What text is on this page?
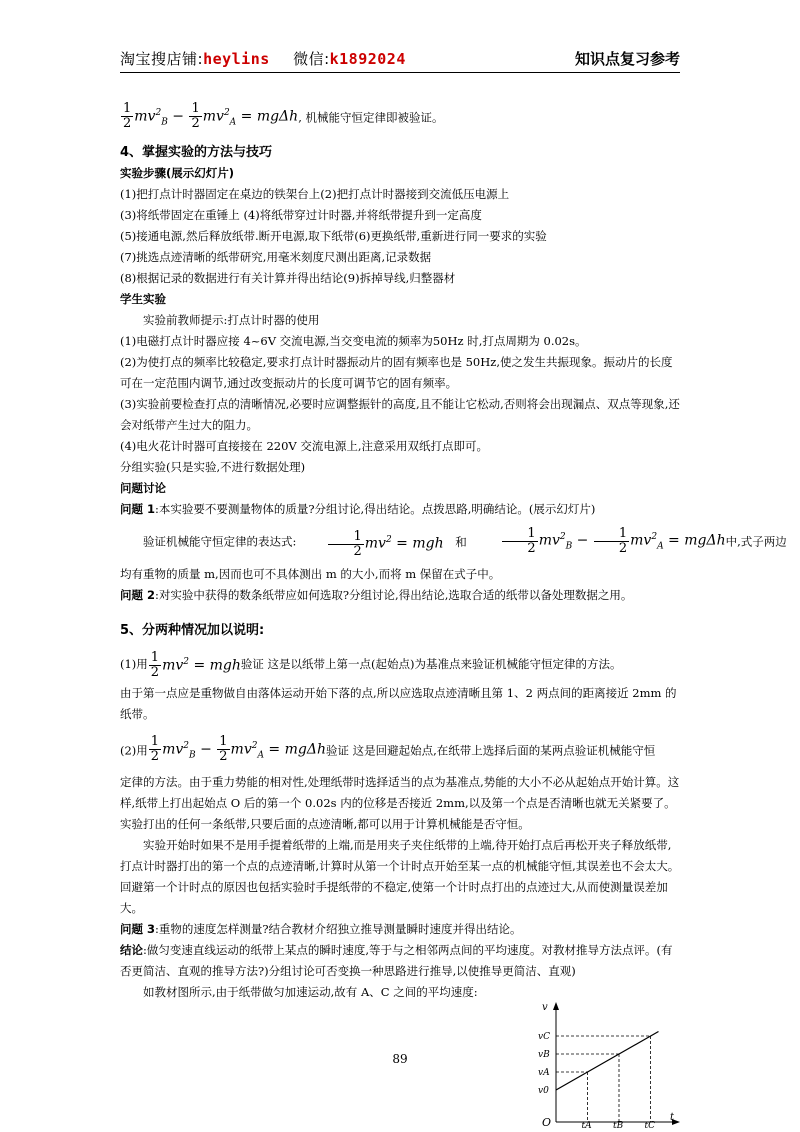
淘宝搜店铺:heylins 微信:k1892024	知识点复习参考
$\frac{1}{2} mv^2_B - \frac{1}{2} mv^2_A = mg\Delta h$, 机械能守恒定律即被验证。
4、掌握实验的方法与技巧
实验步骤(展示幻灯片)
(1)把打点计时器固定在桌边的铁架台上(2)把打点计时器接到交流低压电源上
(3)将纸带固定在重锤上 (4)将纸带穿过计时器,并将纸带提升到一定高度
(5)接通电源,然后释放纸带.断开电源,取下纸带(6)更换纸带,重新进行同一要求的实验
(7)挑选点迹清晰的纸带研究,用毫米刻度尺测出距离,记录数据
(8)根据记录的数据进行有关计算并得出结论(9)拆掉导线,归整器材
学生实验
实验前教师提示:打点计时器的使用
(1)电磁打点计时器应接 4~6V 交流电源,当交变电流的频率为50Hz 时,打点周期为 0.02s。
(2)为使打点的频率比较稳定,要求打点计时器振动片的固有频率也是 50Hz,使之发生共振现象。振动片的长度可在一定范围内调节,通过改变振动片的长度可调节它的固有频率。
(3)实验前要检查打点的清晰情况,必要时应调整振针的高度,且不能让它松动,否则将会出现漏点、双点等现象,还会对纸带产生过大的阻力。
(4)电火花计时器可直接接在 220V 交流电源上,注意采用双纸打点即可。
分组实验(只是实验,不进行数据处理)
问题讨论
问题 1:本实验要不要测量物体的质量?分组讨论,得出结论。点拨思路,明确结论。(展示幻灯片)
验证机械能守恒定律的表达式: $\frac{1}{2} mv^2$ = mgh 和	$\frac{1}{2} mv^2_B - \frac{1}{2} mv^2_A = mg\Delta h$中,式子两边
均有重物的质量 m,因而也可不具体测出 m 的大小,而将 m 保留在式子中。
问题 2:对实验中获得的数条纸带应如何选取?分组讨论,得出结论,选取合适的纸带以备处理数据之用。
5、分两种情况加以说明:
(1)用 $\frac{1}{2} mv^2$ = mgh验证 这是以纸带上第一点(起始点)为基准点来验证机械能守恒定律的方法。
由于第一点应是重物做自由落体运动开始下落的点,所以应选取点迹清晰且第 1、2 两点间的距离接近 2mm 的纸带。
(2)用 $\frac{1}{2} mv^2_B - \frac{1}{2} mv^2_A = mg\Delta h$验证 这是回避起始点,在纸带上选择后面的某两点验证机械能守恒
定律的方法。由于重力势能的相对性,处理纸带时选择适当的点为基准点,势能的大小不必从起始点开始计算。这样,纸带上打出起始点 O 后的第一个 0.02s 内的位移是否接近 2mm,以及第一个点是否清晰也就无关紧要了。实验打出的任何一条纸带,只要后面的点迹清晰,都可以用于计算机械能是否守恒。
实验开始时如果不是用手提着纸带的上端,而是用夹子夹住纸带的上端,待开始打点后再松开夹子释放纸带,打点计时器打出的第一个点的点迹清晰,计算时从第一个计时点开始至某一点的机械能守恒,其误差也不会太大。回避第一个计时点的原因也包括实验时手提纸带的不稳定,使第一个计时点打出的点迹过大,从而使测量误差加大。
问题 3:重物的速度怎样测量?结合教材介绍独立推导测量瞬时速度并得出结论。
结论:做匀变速直线运动的纸带上某点的瞬时速度,等于与之相邻两点间的平均速度。对教材推导方法点评。(有否更简洁、直观的推导方法?)分组讨论可否变换一种思路进行推导,以使推导更简洁、直观)
如教材图所示,由于纸带做匀加速运动,故有 A、C 之间的平均速度:
v
t
O	tA tB tC
vC
vB
vA
v0
89
